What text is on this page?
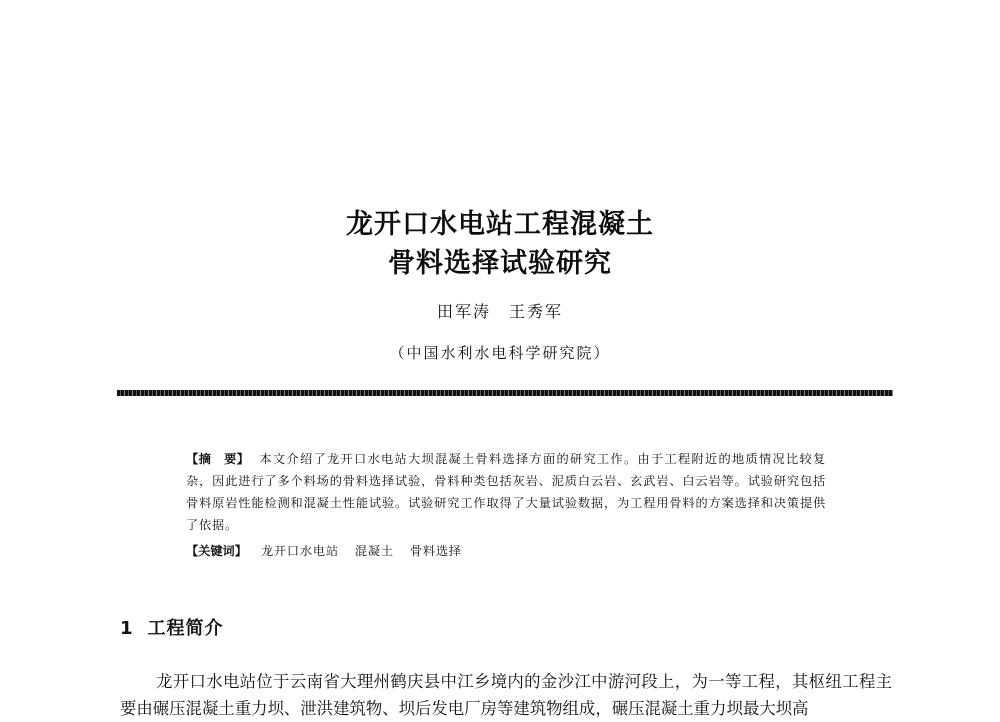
龙开口水电站工程混凝土
骨料选择试验研究
田军涛　王秀军
（中国水利水电科学研究院）
【摘　要】 本文介绍了龙开口水电站大坝混凝土骨料选择方面的研究工作。由于工程附近的地质情况比较复杂，因此进行了多个料场的骨料选择试验，骨料种类包括灰岩、泥质白云岩、玄武岩、白云岩等。试验研究包括骨料原岩性能检测和混凝土性能试验。试验研究工作取得了大量试验数据，为工程用骨料的方案选择和决策提供了依据。
【关键词】 龙开口水电站 混凝土 骨料选择
1 工程简介
龙开口水电站位于云南省大理州鹤庆县中江乡境内的金沙江中游河段上，为一等工程，其枢纽工程主要由碾压混凝土重力坝、泄洪建筑物、坝后发电厂房等建筑物组成，碾压混凝土重力坝最大坝高
